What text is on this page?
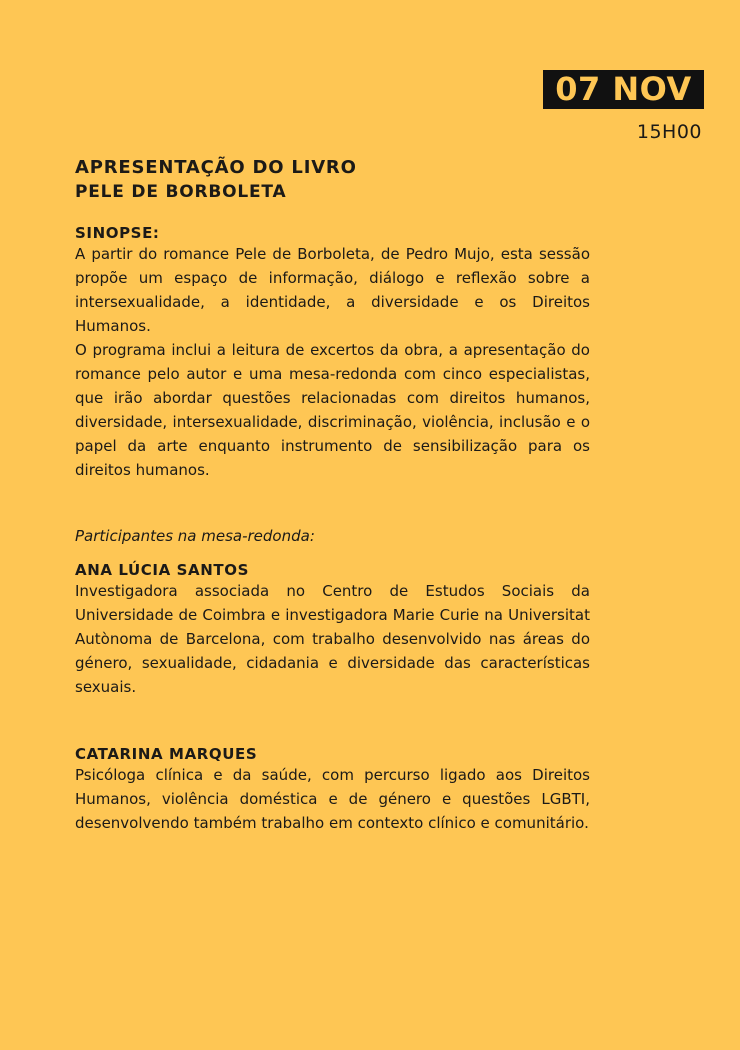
07 NOV
15H00
APRESENTAÇÃO DO LIVRO
PELE DE BORBOLETA
SINOPSE:

A partir do romance Pele de Borboleta, de Pedro Mujo, esta sessão propõe um espaço de informação, diálogo e reflexão sobre a intersexualidade, a identidade, a diversidade e os Direitos Humanos.

O programa inclui a leitura de excertos da obra, a apresentação do romance pelo autor e uma mesa-redonda com cinco especialistas, que irão abordar questões relacionadas com direitos humanos, diversidade, intersexualidade, discriminação, violência, inclusão e o papel da arte enquanto instrumento de sensibilização para os direitos humanos.

Participantes na mesa-redonda:

ANA LÚCIA SANTOS

Investigadora associada no Centro de Estudos Sociais da Universidade de Coimbra e investigadora Marie Curie na Universitat Autònoma de Barcelona, com trabalho desenvolvido nas áreas do género, sexualidade, cidadania e diversidade das características sexuais.

CATARINA MARQUES

Psicóloga clínica e da saúde, com percurso ligado aos Direitos Humanos, violência doméstica e de género e questões LGBTI, desenvolvendo também trabalho em contexto clínico e comunitário.
